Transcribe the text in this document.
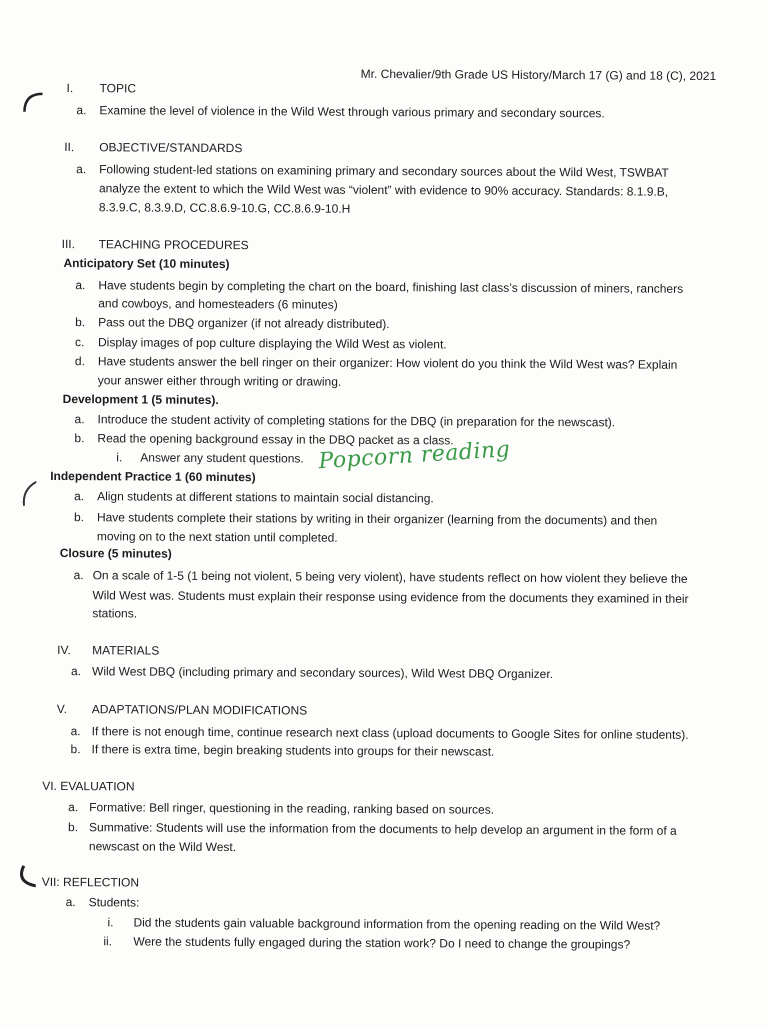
Mr. Chevalier/9th Grade US History/March 17 (G) and 18 (C), 2021
I. TOPIC
a. Examine the level of violence in the Wild West through various primary and secondary sources.
II. OBJECTIVE/STANDARDS
a. Following student-led stations on examining primary and secondary sources about the Wild West, TSWBAT
analyze the extent to which the Wild West was “violent” with evidence to 90% accuracy. Standards: 8.1.9.B,
8.3.9.C, 8.3.9.D, CC.8.6.9-10.G, CC.8.6.9-10.H
III. TEACHING PROCEDURES
Anticipatory Set (10 minutes)
a. Have students begin by completing the chart on the board, finishing last class’s discussion of miners, ranchers
and cowboys, and homesteaders (6 minutes)
b. Pass out the DBQ organizer (if not already distributed).
c. Display images of pop culture displaying the Wild West as violent.
d. Have students answer the bell ringer on their organizer: How violent do you think the Wild West was? Explain
your answer either through writing or drawing.
Development 1 (5 minutes).
a. Introduce the student activity of completing stations for the DBQ (in preparation for the newscast).
b. Read the opening background essay in the DBQ packet as a class.
i. Answer any student questions. Popcorn reading
Independent Practice 1 (60 minutes)
a. Align students at different stations to maintain social distancing.
b. Have students complete their stations by writing in their organizer (learning from the documents) and then
moving on to the next station until completed.
Closure (5 minutes)
a. On a scale of 1-5 (1 being not violent, 5 being very violent), have students reflect on how violent they believe the
Wild West was. Students must explain their response using evidence from the documents they examined in their
stations.
IV. MATERIALS
a. Wild West DBQ (including primary and secondary sources), Wild West DBQ Organizer.
V. ADAPTATIONS/PLAN MODIFICATIONS
a. If there is not enough time, continue research next class (upload documents to Google Sites for online students).
b. If there is extra time, begin breaking students into groups for their newscast.
VI. EVALUATION
a. Formative: Bell ringer, questioning in the reading, ranking based on sources.
b. Summative: Students will use the information from the documents to help develop an argument in the form of a
newscast on the Wild West.
VII: REFLECTION
a. Students:
i. Did the students gain valuable background information from the opening reading on the Wild West?
ii. Were the students fully engaged during the station work? Do I need to change the groupings?
